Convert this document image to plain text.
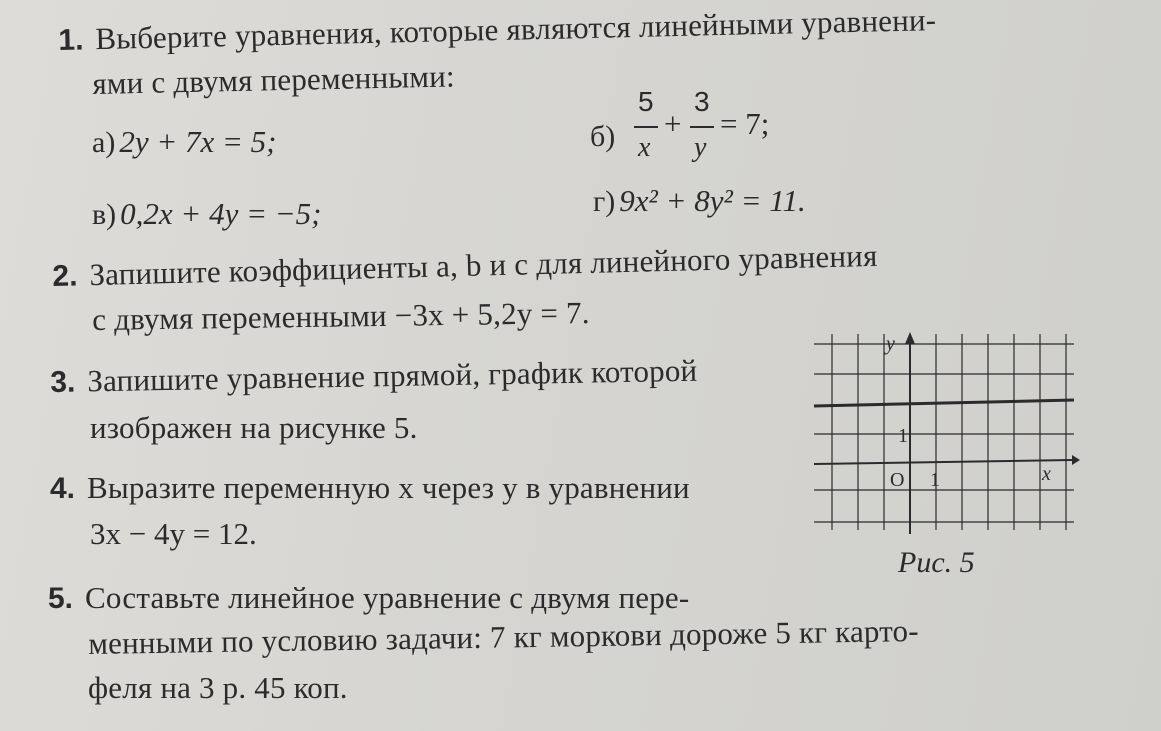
1. Выберите уравнения, которые являются линейными уравнени-
ями с двумя переменными:
а) 2y + 7x = 5;	б)
5
x
+
3
y
= 7;
в) 0,2x + 4y = −5;	г) 9x² + 8y² = 11.
2. Запишите коэффициенты a, b и c для линейного уравнения
с двумя переменными −3x + 5,2y = 7.
3. Запишите уравнение прямой, график которой
изображен на рисунке 5.
4. Выразите переменную x через y в уравнении
3x − 4y = 12.
5. Составьте линейное уравнение с двумя пере-
менными по условию задачи: 7 кг моркови дороже 5 кг карто-
феля на 3 р. 45 коп.
y
x
O 1
1
Рис. 5
